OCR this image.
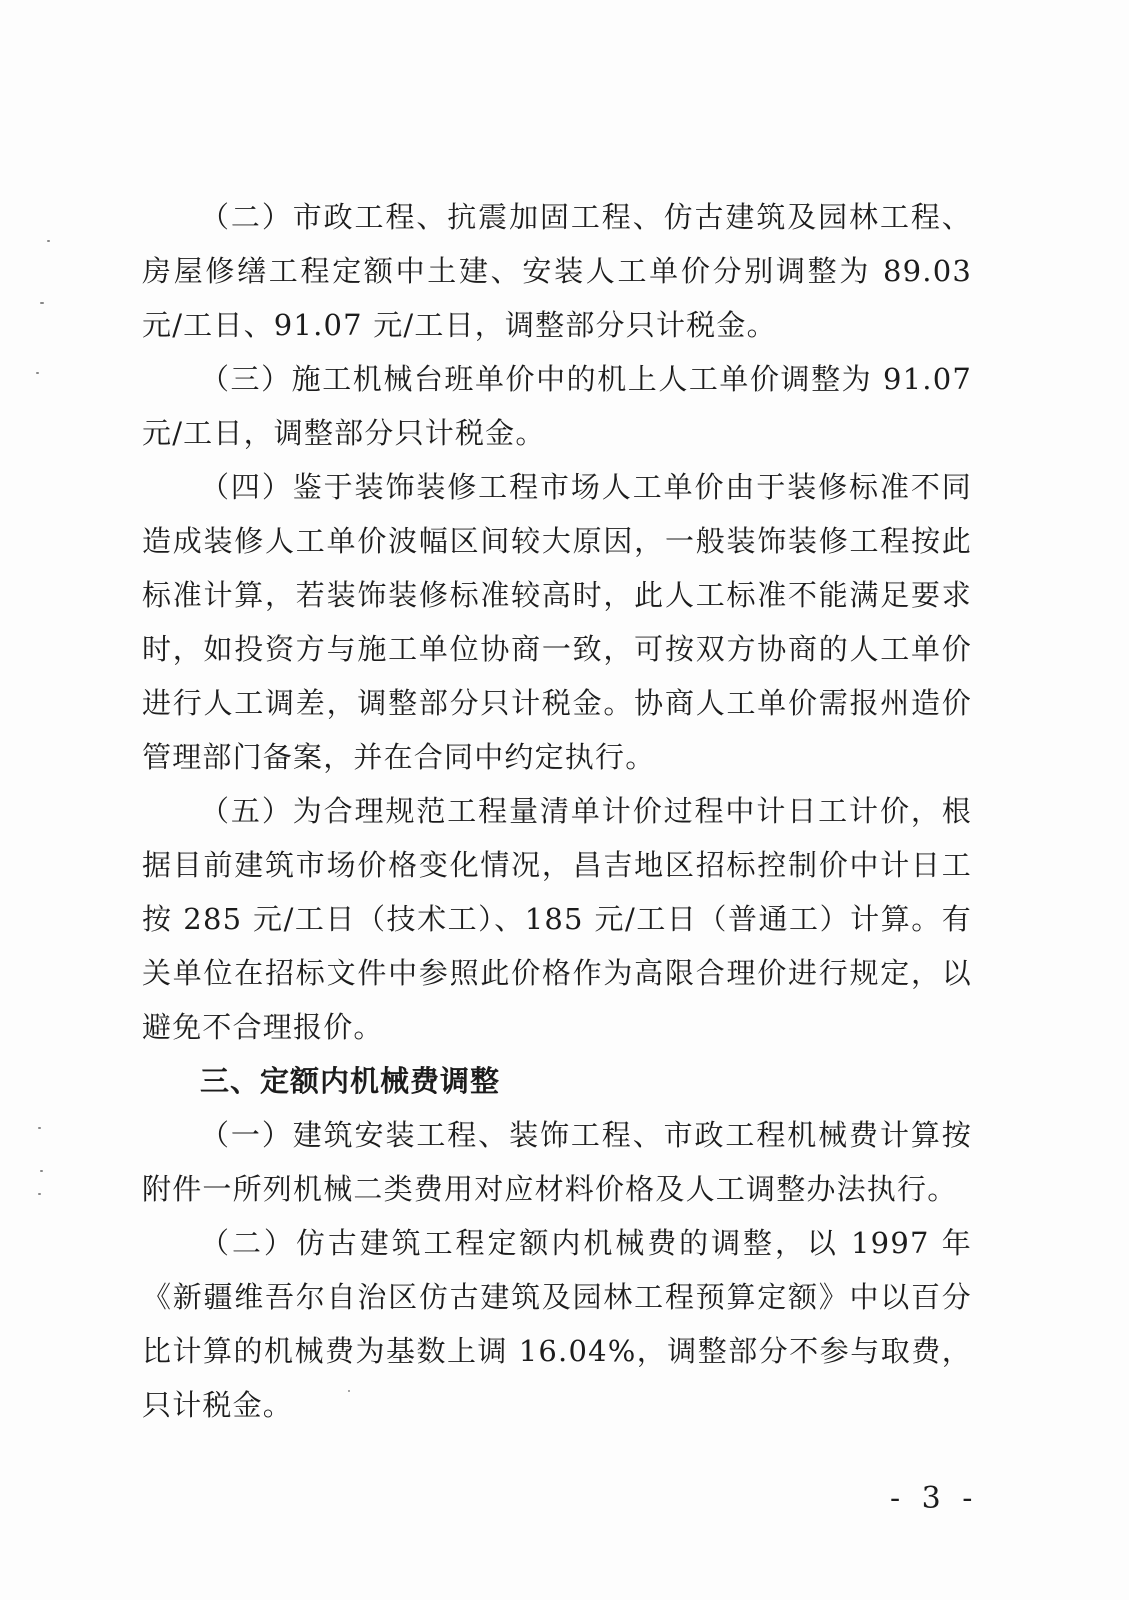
（二）市政工程、抗震加固工程、仿古建筑及园林工程、房屋修缮工程定额中土建、安装人工单价分别调整为 89.03 元/工日、91.07 元/工日，调整部分只计税金。

（三）施工机械台班单价中的机上人工单价调整为 91.07 元/工日，调整部分只计税金。

（四）鉴于装饰装修工程市场人工单价由于装修标准不同造成装修人工单价波幅区间较大原因，一般装饰装修工程按此标准计算，若装饰装修标准较高时，此人工标准不能满足要求时，如投资方与施工单位协商一致，可按双方协商的人工单价进行人工调差，调整部分只计税金。协商人工单价需报州造价管理部门备案，并在合同中约定执行。

（五）为合理规范工程量清单计价过程中计日工计价，根据目前建筑市场价格变化情况，昌吉地区招标控制价中计日工按 285 元/工日（技术工）、185 元/工日（普通工）计算。有关单位在招标文件中参照此价格作为高限合理价进行规定，以避免不合理报价。

三、定额内机械费调整

（一）建筑安装工程、装饰工程、市政工程机械费计算按附件一所列机械二类费用对应材料价格及人工调整办法执行。

（二）仿古建筑工程定额内机械费的调整，以 1997 年《新疆维吾尔自治区仿古建筑及园林工程预算定额》中以百分比计算的机械费为基数上调 16.04%，调整部分不参与取费，只计税金。

- 3 -
